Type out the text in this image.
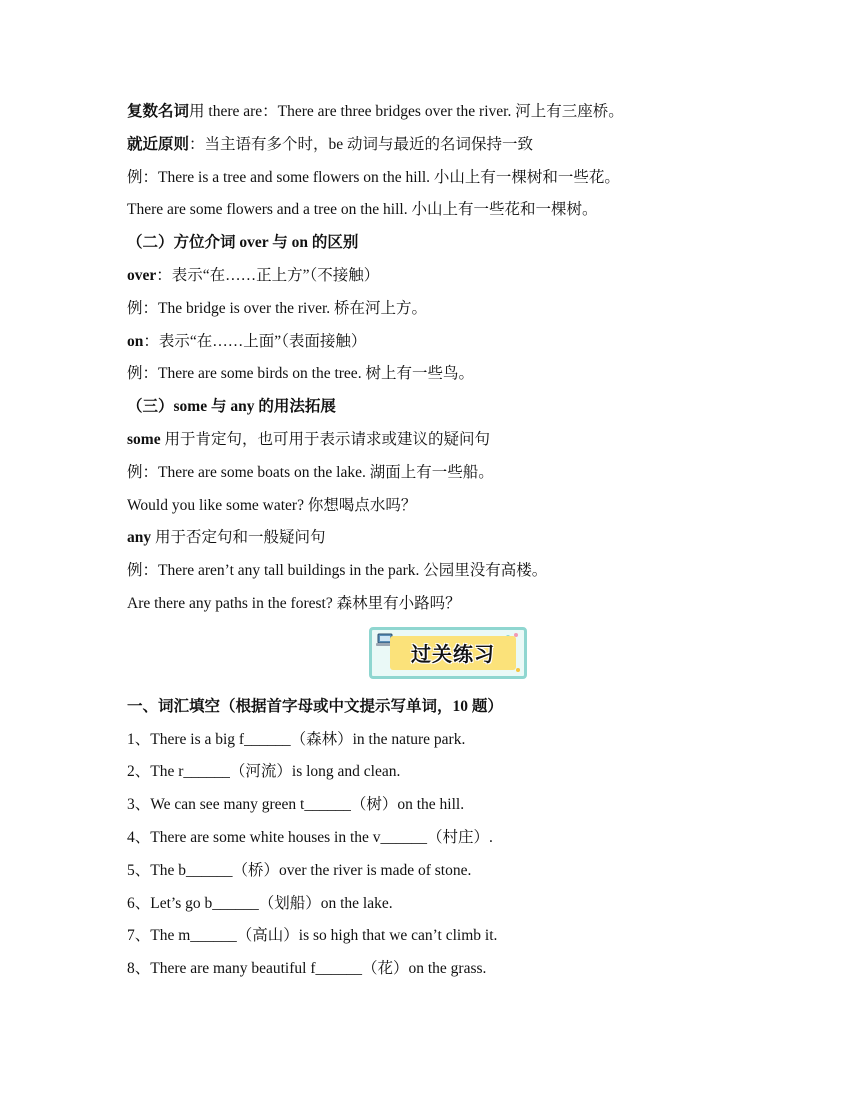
复数名词用 there are：There are three bridges over the river. 河上有三座桥。
就近原则：当主语有多个时，be 动词与最近的名词保持一致
例：There is a tree and some flowers on the hill. 小山上有一棵树和一些花。
There are some flowers and a tree on the hill. 小山上有一些花和一棵树。
（二）方位介词 over 与 on 的区别
over：表示“在……正上方”（不接触）
例：The bridge is over the river. 桥在河上方。
on：表示“在……上面”（表面接触）
例：There are some birds on the tree. 树上有一些鸟。
（三）some 与 any 的用法拓展
some 用于肯定句，也可用于表示请求或建议的疑问句
例：There are some boats on the lake. 湖面上有一些船。
Would you like some water? 你想喝点水吗？
any 用于否定句和一般疑问句
例：There aren’t any tall buildings in the park. 公园里没有高楼。
Are there any paths in the forest? 森林里有小路吗？
过关练习
一、词汇填空（根据首字母或中文提示写单词，10 题）
1、There is a big f______（森林）in the nature park.
2、The r______（河流）is long and clean.
3、We can see many green t______（树）on the hill.
4、There are some white houses in the v______（村庄）.
5、The b______（桥）over the river is made of stone.
6、Let’s go b______（划船）on the lake.
7、The m______（高山）is so high that we can’t climb it.
8、There are many beautiful f______（花）on the grass.
